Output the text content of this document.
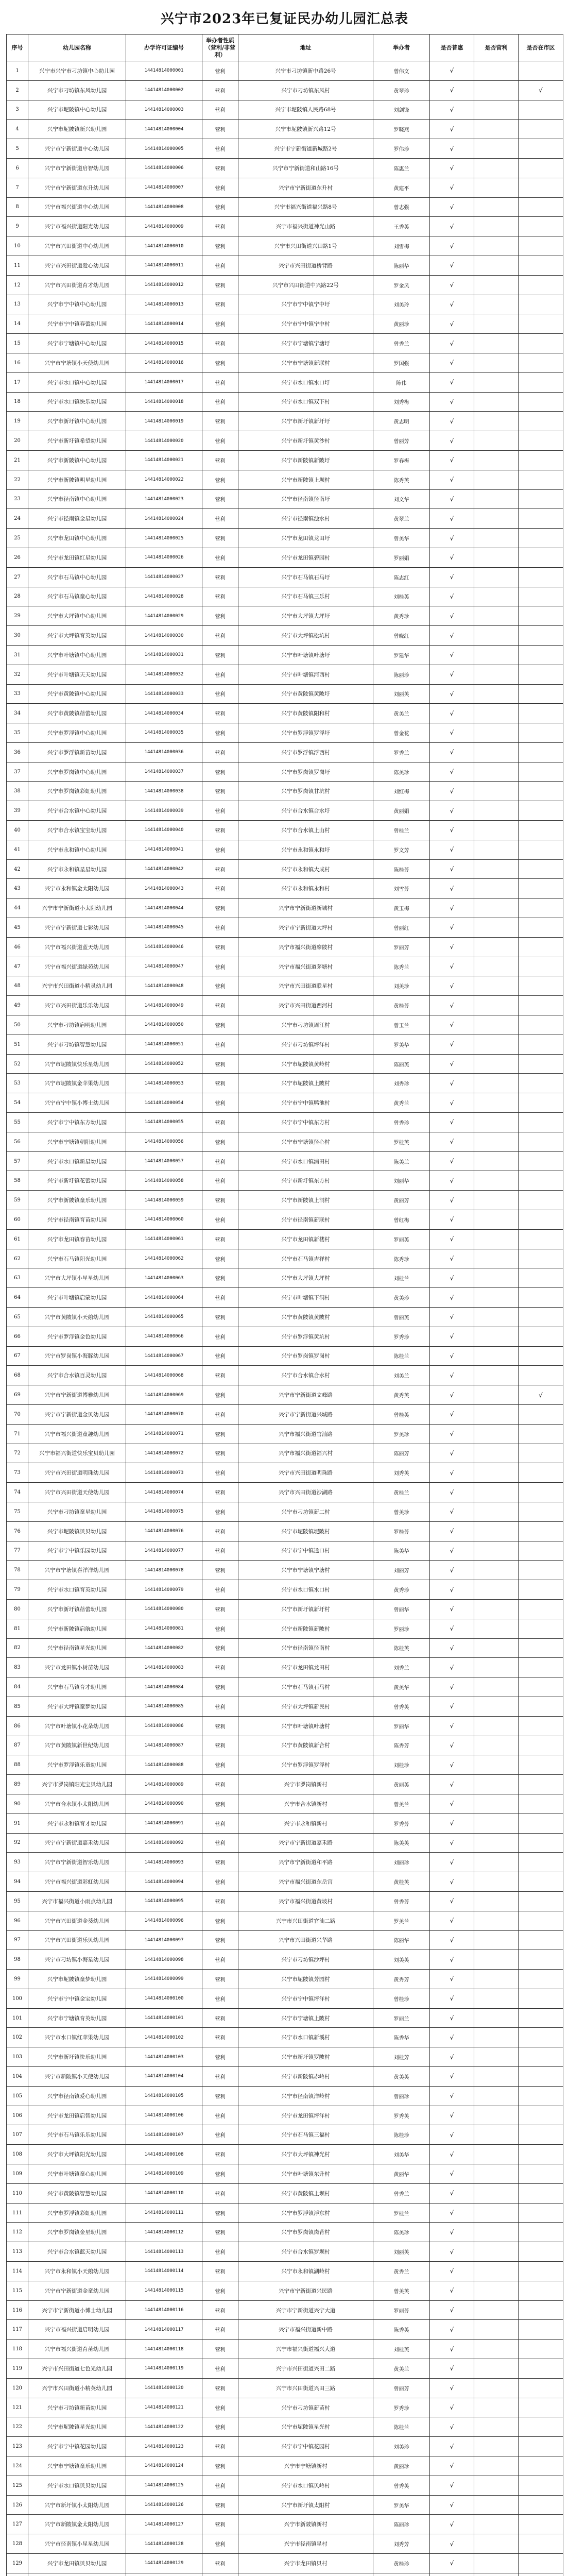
兴宁市2023年已复证民办幼儿园汇总表
序号	幼儿园名称	办学许可证编号	举办者性质（营利/非营利）	地址	举办者	是否普惠	是否营利	是否在市区
1	兴宁市兴宁市刁坊镇中心幼儿园	14414814000001	营利	兴宁市刁坊镇新中路26号	曾伟文	√		
2	兴宁市刁坊镇东风幼儿园	14414814000002	营利	兴宁市刁坊镇东风村	黄翠珍	√		√
3	兴宁市坭陂镇中心幼儿园	14414814000003	营利	兴宁市坭陂镇人民路68号	刘剑锋	√		
4	兴宁市坭陂镇新兴幼儿园	14414814000004	营利	兴宁市坭陂镇新兴路12号	罗晓燕	√		
5	兴宁市宁新街道中心幼儿园	14414814000005	营利	兴宁市宁新街道新城路2号	罗伟珍	√		
6	兴宁市宁新街道启智幼儿园	14414814000006	营利	兴宁市宁新街道和山路16号	陈惠兰	√		
7	兴宁市宁新街道东升幼儿园	14414814000007	营利	兴宁市宁新街道东升村	黄建平	√		
8	兴宁市福兴街道中心幼儿园	14414814000008	营利	兴宁市福兴街道福兴路8号	曾志强	√		
9	兴宁市福兴街道阳光幼儿园	14414814000009	营利	兴宁市福兴街道神光山路	王秀英	√		
10	兴宁市兴田街道中心幼儿园	14414814000010	营利	兴宁市兴田街道兴田路1号	刘雪梅	√		
11	兴宁市兴田街道爱心幼儿园	14414814000011	营利	兴宁市兴田街道桥背路	陈丽华	√		
12	兴宁市兴田街道育才幼儿园	14414814000012	营利	兴宁市兴田街道中兴路22号	罗金凤	√		
13	兴宁市宁中镇中心幼儿园	14414814000013	营利	兴宁市宁中镇宁中圩	刘美玲	√		
14	兴宁市宁中镇春蕾幼儿园	14414814000014	营利	兴宁市宁中镇宁中村	黄丽珍	√		
15	兴宁市宁塘镇中心幼儿园	14414814000015	营利	兴宁市宁塘镇宁塘圩	曾秀兰	√		
16	兴宁市宁塘镇小天使幼儿园	14414814000016	营利	兴宁市宁塘镇新联村	罗国强	√		
17	兴宁市水口镇中心幼儿园	14414814000017	营利	兴宁市水口镇水口圩	陈伟	√		
18	兴宁市水口镇快乐幼儿园	14414814000018	营利	兴宁市水口镇双下村	刘秀梅	√		
19	兴宁市新圩镇中心幼儿园	14414814000019	营利	兴宁市新圩镇新圩圩	黄志明	√		
20	兴宁市新圩镇希望幼儿园	14414814000020	营利	兴宁市新圩镇黄沙村	曾丽芳	√		
21	兴宁市新陂镇中心幼儿园	14414814000021	营利	兴宁市新陂镇新陂圩	罗春梅	√		
22	兴宁市新陂镇明星幼儿园	14414814000022	营利	兴宁市新陂镇上坝村	陈秀英	√		
23	兴宁市径南镇中心幼儿园	14414814000023	营利	兴宁市径南镇径南圩	刘文华	√		
24	兴宁市径南镇金星幼儿园	14414814000024	营利	兴宁市径南镇浊水村	黄翠兰	√		
25	兴宁市龙田镇中心幼儿园	14414814000025	营利	兴宁市龙田镇龙田圩	曾美华	√		
26	兴宁市龙田镇红星幼儿园	14414814000026	营利	兴宁市龙田镇碧园村	罗丽娟	√		
27	兴宁市石马镇中心幼儿园	14414814000027	营利	兴宁市石马镇石马圩	陈志红	√		
28	兴宁市石马镇童心幼儿园	14414814000028	营利	兴宁市石马镇三乐村	刘桂英	√		
29	兴宁市大坪镇中心幼儿园	14414814000029	营利	兴宁市大坪镇大坪圩	黄秀珍	√		
30	兴宁市大坪镇育英幼儿园	14414814000030	营利	兴宁市大坪镇松坑村	曾晓红	√		
31	兴宁市叶塘镇中心幼儿园	14414814000031	营利	兴宁市叶塘镇叶塘圩	罗建华	√		
32	兴宁市叶塘镇天天幼儿园	14414814000032	营利	兴宁市叶塘镇河西村	陈丽珍	√		
33	兴宁市黄陂镇中心幼儿园	14414814000033	营利	兴宁市黄陂镇黄陂圩	刘丽英	√		
34	兴宁市黄陂镇蓓蕾幼儿园	14414814000034	营利	兴宁市黄陂镇阳和村	黄美兰	√		
35	兴宁市罗浮镇中心幼儿园	14414814000035	营利	兴宁市罗浮镇罗浮圩	曾金花	√		
36	兴宁市罗浮镇新苗幼儿园	14414814000036	营利	兴宁市罗浮镇浮西村	罗秀兰	√		
37	兴宁市罗岗镇中心幼儿园	14414814000037	营利	兴宁市罗岗镇罗岗圩	陈美珍	√		
38	兴宁市罗岗镇彩虹幼儿园	14414814000038	营利	兴宁市罗岗镇甘坑村	刘红梅	√		
39	兴宁市合水镇中心幼儿园	14414814000039	营利	兴宁市合水镇合水圩	黄丽娟	√		
40	兴宁市合水镇宝宝幼儿园	14414814000040	营利	兴宁市合水镇上山村	曾桂兰	√		
41	兴宁市永和镇中心幼儿园	14414814000041	营利	兴宁市永和镇永和圩	罗文芳	√		
42	兴宁市永和镇星星幼儿园	14414814000042	营利	兴宁市永和镇大成村	陈桂芳	√		
43	兴宁市永和镇金太阳幼儿园	14414814000043	营利	兴宁市永和镇永和村	刘雪芳	√		
44	兴宁市宁新街道小太阳幼儿园	14414814000044	营利	兴宁市宁新街道新城村	黄玉梅	√		
45	兴宁市宁新街道七彩幼儿园	14414814000045	营利	兴宁市宁新街道大坪村	曾丽红	√		
46	兴宁市福兴街道蓝天幼儿园	14414814000046	营利	兴宁市福兴街道廖陂村	罗丽芳	√		
47	兴宁市福兴街道绿苑幼儿园	14414814000047	营利	兴宁市福兴街道茅塘村	陈秀兰	√		
48	兴宁市兴田街道小精灵幼儿园	14414814000048	营利	兴宁市兴田街道联星村	刘美珍	√		
49	兴宁市兴田街道乐乐幼儿园	14414814000049	营利	兴宁市兴田街道西河村	黄桂芳	√		
50	兴宁市刁坊镇启明幼儿园	14414814000050	营利	兴宁市刁坊镇周江村	曾玉兰	√		
51	兴宁市刁坊镇智慧幼儿园	14414814000051	营利	兴宁市刁坊镇坪洋村	罗美华	√		
52	兴宁市坭陂镇快乐星幼儿园	14414814000052	营利	兴宁市坭陂镇黄岭村	陈丽英	√		
53	兴宁市坭陂镇金苹果幼儿园	14414814000053	营利	兴宁市坭陂镇上陂村	刘秀珍	√		
54	兴宁市宁中镇小博士幼儿园	14414814000054	营利	兴宁市宁中镇鸭池村	黄秀兰	√		
55	兴宁市宁中镇东方幼儿园	14414814000055	营利	兴宁市宁中镇东方村	曾秀珍	√		
56	兴宁市宁塘镇朝阳幼儿园	14414814000056	营利	兴宁市宁塘镇径心村	罗桂英	√		
57	兴宁市水口镇新星幼儿园	14414814000057	营利	兴宁市水口镇浦田村	陈美兰	√		
58	兴宁市新圩镇花蕾幼儿园	14414814000058	营利	兴宁市新圩镇东方村	刘丽华	√		
59	兴宁市新陂镇童乐幼儿园	14414814000059	营利	兴宁市新陂镇上洞村	黄丽芳	√		
60	兴宁市径南镇育苗幼儿园	14414814000060	营利	兴宁市径南镇新联村	曾红梅	√		
61	兴宁市龙田镇春苗幼儿园	14414814000061	营利	兴宁市龙田镇新楼村	罗丽英	√		
62	兴宁市石马镇阳光幼儿园	14414814000062	营利	兴宁市石马镇吉祥村	陈秀珍	√		
63	兴宁市大坪镇小星星幼儿园	14414814000063	营利	兴宁市大坪镇大坪村	刘桂兰	√		
64	兴宁市叶塘镇启蒙幼儿园	14414814000064	营利	兴宁市叶塘镇下洞村	黄美珍	√		
65	兴宁市黄陂镇小天鹅幼儿园	14414814000065	营利	兴宁市黄陂镇黄陂村	曾丽英	√		
66	兴宁市罗浮镇金色幼儿园	14414814000066	营利	兴宁市罗浮镇黄坑村	罗秀珍	√		
67	兴宁市罗岗镇小海豚幼儿园	14414814000067	营利	兴宁市罗岗镇罗岗村	陈桂兰	√		
68	兴宁市合水镇百灵幼儿园	14414814000068	营利	兴宁市合水镇合水村	刘美兰	√		
69	兴宁市宁新街道博雅幼儿园	14414814000069	营利	兴宁市宁新街道文峰路	黄秀英	√		√
70	兴宁市宁新街道金贝幼儿园	14414814000070	营利	兴宁市宁新街道兴城路	曾桂英	√		
71	兴宁市福兴街道童趣幼儿园	14414814000071	营利	兴宁市福兴街道官汕路	罗美珍	√		
72	兴宁市福兴街道快乐宝贝幼儿园	14414814000072	营利	兴宁市福兴街道福兴村	陈丽芳	√		
73	兴宁市兴田街道明珠幼儿园	14414814000073	营利	兴宁市兴田街道明珠路	刘秀英	√		
74	兴宁市兴田街道天使幼儿园	14414814000074	营利	兴宁市兴田街道沙湖路	黄桂兰	√		
75	兴宁市刁坊镇童星幼儿园	14414814000075	营利	兴宁市刁坊镇新二村	曾美珍	√		
76	兴宁市坭陂镇贝贝幼儿园	14414814000076	营利	兴宁市坭陂镇坭陂村	罗桂芳	√		
77	兴宁市宁中镇乐园幼儿园	14414814000077	营利	兴宁市宁中镇迳口村	陈美华	√		
78	兴宁市宁塘镇喜洋洋幼儿园	14414814000078	营利	兴宁市宁塘镇宁塘村	刘丽芳	√		
79	兴宁市水口镇育英幼儿园	14414814000079	营利	兴宁市水口镇水口村	黄秀珍	√		
80	兴宁市新圩镇蓓蕾幼儿园	14414814000080	营利	兴宁市新圩镇新圩村	曾丽华	√		
81	兴宁市新陂镇启航幼儿园	14414814000081	营利	兴宁市新陂镇新陂村	罗丽珍	√		
82	兴宁市径南镇星光幼儿园	14414814000082	营利	兴宁市径南镇径南村	陈桂英	√		
83	兴宁市龙田镇小树苗幼儿园	14414814000083	营利	兴宁市龙田镇龙田村	刘秀兰	√		
84	兴宁市石马镇育才幼儿园	14414814000084	营利	兴宁市石马镇石马村	黄美华	√		
85	兴宁市大坪镇童梦幼儿园	14414814000085	营利	兴宁市大坪镇新民村	曾秀英	√		
86	兴宁市叶塘镇小花朵幼儿园	14414814000086	营利	兴宁市叶塘镇叶塘村	罗丽华	√		
87	兴宁市黄陂镇新世纪幼儿园	14414814000087	营利	兴宁市黄陂镇新合村	陈秀芳	√		
88	兴宁市罗浮镇乐童幼儿园	14414814000088	营利	兴宁市罗浮镇罗浮村	刘桂珍	√		
89	兴宁市罗岗镇阳光宝贝幼儿园	14414814000089	营利	兴宁市罗岗镇新村	黄丽英	√		
90	兴宁市合水镇小太阳幼儿园	14414814000090	营利	兴宁市合水镇新村	曾美兰	√		
91	兴宁市永和镇育才幼儿园	14414814000091	营利	兴宁市永和镇新村	罗秀芳	√		
92	兴宁市宁新街道嘉禾幼儿园	14414814000092	营利	兴宁市宁新街道嘉禾路	陈美英	√		
93	兴宁市宁新街道智乐幼儿园	14414814000093	营利	兴宁市宁新街道和平路	刘丽珍	√		
94	兴宁市福兴街道彩虹幼儿园	14414814000094	营利	兴宁市福兴街道东岳宫	黄桂英	√		
95	兴宁市福兴街道小雨点幼儿园	14414814000095	营利	兴宁市福兴街道黄坡村	曾秀芳	√		
96	兴宁市兴田街道金葵幼儿园	14414814000096	营利	兴宁市兴田街道官汕二路	罗美兰	√		
97	兴宁市兴田街道乐贝幼儿园	14414814000097	营利	兴宁市兴田街道兴华路	陈丽华	√		
98	兴宁市刁坊镇小海星幼儿园	14414814000098	营利	兴宁市刁坊镇沙坪村	刘美英	√		
99	兴宁市坭陂镇童梦幼儿园	14414814000099	营利	兴宁市坭陂镇芳园村	黄秀芳	√		
100	兴宁市宁中镇金宝幼儿园	14414814000100	营利	兴宁市宁中镇坪洋村	曾桂珍	√		
101	兴宁市宁塘镇育英幼儿园	14414814000101	营利	兴宁市宁塘镇上陂村	罗丽兰	√		
102	兴宁市水口镇红苹果幼儿园	14414814000102	营利	兴宁市水口镇新溪村	陈秀华	√		
103	兴宁市新圩镇快乐幼儿园	14414814000103	营利	兴宁市新圩镇罗陂村	刘桂芳	√		
104	兴宁市新陂镇小天使幼儿园	14414814000104	营利	兴宁市新陂镇赤岭村	黄美英	√		
105	兴宁市径南镇爱心幼儿园	14414814000105	营利	兴宁市径南镇洋岭村	曾丽珍	√		
106	兴宁市龙田镇启智幼儿园	14414814000106	营利	兴宁市龙田镇坪洋村	罗秀英	√		
107	兴宁市石马镇乐乐幼儿园	14414814000107	营利	兴宁市石马镇三福村	陈桂珍	√		
108	兴宁市大坪镇阳光幼儿园	14414814000108	营利	兴宁市大坪镇神光村	刘美华	√		
109	兴宁市叶塘镇童心幼儿园	14414814000109	营利	兴宁市叶塘镇东升村	黄丽华	√		
110	兴宁市黄陂镇智慧幼儿园	14414814000110	营利	兴宁市黄陂镇上坝村	曾秀兰	√		
111	兴宁市罗浮镇彩虹幼儿园	14414814000111	营利	兴宁市罗浮镇浮东村	罗桂兰	√		
112	兴宁市罗岗镇金星幼儿园	14414814000112	营利	兴宁市罗岗镇岗背村	陈美珍	√		
113	兴宁市合水镇蓝天幼儿园	14414814000113	营利	兴宁市合水镇罗坝村	刘丽英	√		
114	兴宁市永和镇小天鹅幼儿园	14414814000114	营利	兴宁市永和镇湖岭村	黄秀兰	√		
115	兴宁市宁新街道金童幼儿园	14414814000115	营利	兴宁市宁新街道兴民路	曾美英	√		
116	兴宁市宁新街道小博士幼儿园	14414814000116	营利	兴宁市宁新街道兴宁大道	罗丽芳	√		
117	兴宁市福兴街道启明幼儿园	14414814000117	营利	兴宁市福兴街道新中路	陈秀英	√		
118	兴宁市福兴街道育苗幼儿园	14414814000118	营利	兴宁市福兴街道福兴大道	刘桂英	√		
119	兴宁市兴田街道七色光幼儿园	14414814000119	营利	兴宁市兴田街道兴田二路	黄美兰	√		
120	兴宁市兴田街道小精英幼儿园	14414814000120	营利	兴宁市兴田街道兴田三路	曾丽芳	√		
121	兴宁市刁坊镇新苗幼儿园	14414814000121	营利	兴宁市刁坊镇新苗村	罗秀珍	√		
122	兴宁市坭陂镇星光幼儿园	14414814000122	营利	兴宁市坭陂镇星光村	陈桂兰	√		
123	兴宁市宁中镇花园幼儿园	14414814000123	营利	兴宁市宁中镇花园村	刘美珍	√		
124	兴宁市宁塘镇童乐幼儿园	14414814000124	营利	兴宁市宁塘镇新村	黄丽珍	√		
125	兴宁市水口镇贝贝幼儿园	14414814000125	营利	兴宁市水口镇贝岭村	曾秀英	√		
126	兴宁市新圩镇小太阳幼儿园	14414814000126	营利	兴宁市新圩镇太阳村	罗美华	√		
127	兴宁市新陂镇金太阳幼儿园	14414814000127	营利	兴宁市新陂镇新村	陈丽珍	√		
128	兴宁市径南镇小星星幼儿园	14414814000128	营利	兴宁市径南镇星村	刘秀芳	√		
129	兴宁市龙田镇贝贝幼儿园	14414814000129	营利	兴宁市龙田镇贝村	黄桂珍	√		
